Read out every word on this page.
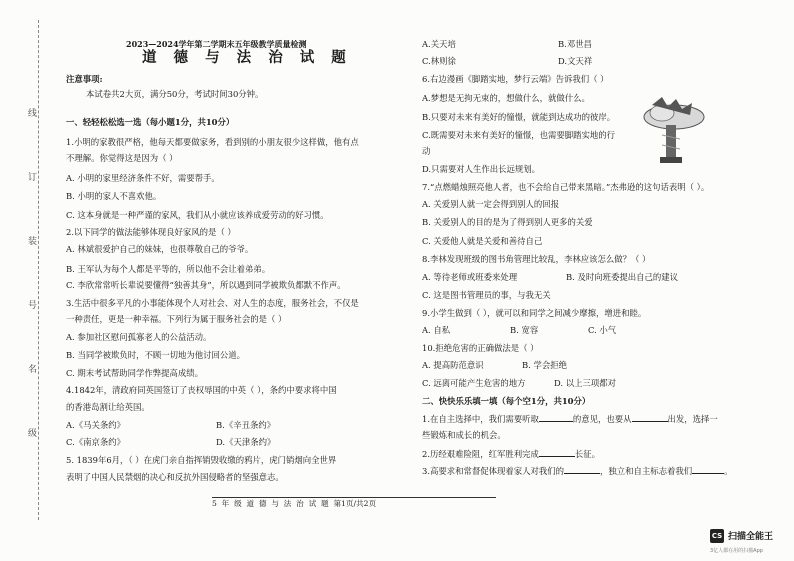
线
订
装
号
名
级
2023—2024学年第二学期末五年级教学质量检测
道 德 与 法 治 试 题
注意事项:
本试卷共2大页，满分50分，考试时间30分钟。
一、轻轻松松选一选（每小题1分，共10分）
1.小明的家教很严格，他每天都要做家务，看到别的小朋友很少这样做，他有点
不理解。你觉得这是因为（ ）
A. 小明的家里经济条件不好，需要帮手。
B. 小明的家人不喜欢他。
C. 这本身就是一种严谨的家风，我们从小就应该养成爱劳动的好习惯。
2.以下同学的做法能够体现良好家风的是（ ）
A. 林斌很爱护自己的妹妹，也很尊敬自己的爷爷。
B. 王军认为每个人都是平等的，所以他不会让着弟弟。
C. 李欣常常听长辈说要懂得“独善其身”，所以遇到同学被欺负都默不作声。
3.生活中很多平凡的小事能体现个人对社会、对人生的态度，服务社会，不仅是
一种责任，更是一种幸福。下列行为属于服务社会的是（ ）
A. 参加社区慰问孤寡老人的公益活动。
B. 当同学被欺负时，不顾一切地为他讨回公道。
C. 期末考试帮助同学作弊提高成绩。
4.1842年，清政府同英国签订了丧权辱国的中英（ ），条约中要求将中国
的香港岛割让给英国。
A.《马关条约》	B.《辛丑条约》
C.《南京条约》	D.《天津条约》
5. 1839年6月，（ ）在虎门亲自指挥销毁收缴的鸦片，虎门销烟向全世界
表明了中国人民禁烟的决心和反抗外国侵略者的坚强意志。
A.关天培	B.邓世昌
C.林则徐	D.文天祥
6.右边漫画《脚踏实地，梦行云端》告诉我们（ ）
A.梦想是无拘无束的，想做什么，就做什么。
B.只要对未来有美好的憧憬，就能到达成功的彼岸。
C.既需要对未来有美好的憧憬，也需要脚踏实地的行
动
D.只需要对人生作出长远规划。
7.“点燃蜡烛照亮他人者，也不会给自己带来黑暗。”杰弗逊的这句话表明（ ）。
A. 关爱别人就一定会得到别人的回报
B. 关爱别人的目的是为了得到别人更多的关爱
C. 关爱他人就是关爱和善待自己
8.李林发现班级的图书角管理比较乱，李林应该怎么做？（ ）
A. 等待老师或班委来处理	B. 及时向班委提出自己的建议
C. 这是图书管理员的事，与我无关
9.小学生做到（ ），就可以和同学之间减少摩擦，增进和睦。
A. 自私	B. 宽容	C. 小气
10.拒绝危害的正确做法是（ ）
A. 提高防范意识	B. 学会拒绝
C. 远离可能产生危害的地方	D. 以上三项都对
二、快快乐乐填一填（每个空1分，共10分）
1.在自主选择中，我们需要听取	的意见，也要从	出发，选择一
些锻炼和成长的机会。
2.历经艰难险阻，红军胜利完成	长征。
3.高要求和常督促体现着家人对我们的	，独立和自主标志着我们	。
5  年  级  道  德  与  法  治  试  题  第1页/共2页
CS 扫描全能王
3亿人都在用的扫描App
